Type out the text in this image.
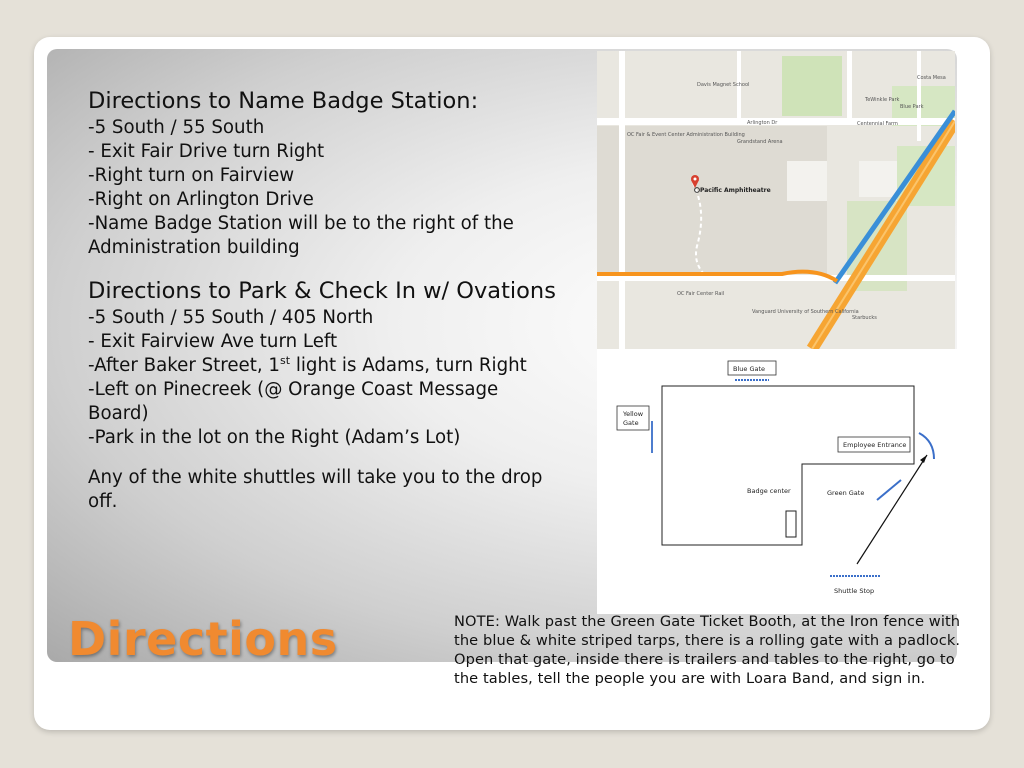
Directions to Name Badge Station:

-5 South / 55 South

- Exit Fair Drive turn Right

-Right turn on Fairview

-Right on Arlington Drive

-Name Badge Station will be to the right of the Administration building

Directions to Park & Check In w/ Ovations

-5 South / 55 South / 405 North

- Exit Fairview Ave turn Left

-After Baker Street, 1st light is Adams, turn Right

-Left on Pinecreek (@ Orange Coast Message Board)

-Park in the lot on the Right (Adam’s Lot)

Any of the white shuttles will take you to the drop off.

Directions
Pacific Amphitheatre
Arlington Dr
Davis Magnet School
OC Fair & Event Center Administration Building
Grandstand Arena
TeWinkle Park
Centennial Farm
Vanguard University of Southern California
Costa Mesa
Blue Park
Starbucks
OC Fair Center Rail
Blue Gate
Yellow Gate
Employee Entrance
Badge center	Green Gate
Shuttle Stop
NOTE: Walk past the Green Gate Ticket Booth, at the Iron fence with the blue & white striped tarps, there is a rolling gate with a padlock. Open that gate, inside there is trailers and tables to the right, go to the tables, tell the people you are with Loara Band, and sign in.
